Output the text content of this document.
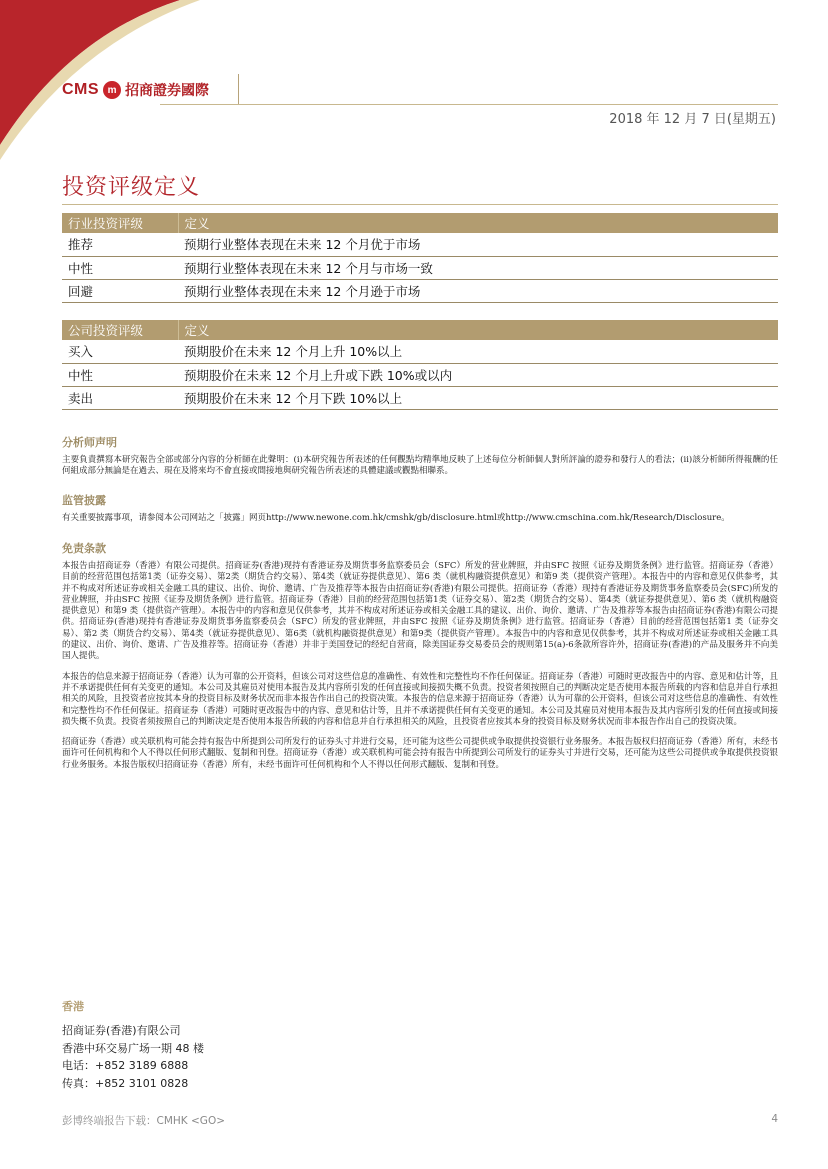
CMS m 招商證券國際
2018 年 12 月 7 日(星期五)
投资评级定义
行业投资评级	定义
推荐	预期行业整体表现在未来 12 个月优于市场
中性	预期行业整体表现在未来 12 个月与市场一致
回避	预期行业整体表现在未来 12 个月逊于市场
公司投资评级	定义
买入	预期股价在未来 12 个月上升 10%以上
中性	预期股价在未来 12 个月上升或下跌 10%或以内
卖出	预期股价在未来 12 个月下跌 10%以上
分析师声明

主要負責撰寫本研究報告全部或部分內容的分析師在此聲明：(i)本研究報告所表述的任何觀點均精準地反映了上述每位分析師個人對所評論的證券和發行人的看法；(ii)該分析師所得報酬的任何組成部分無論是在過去、現在及將來均不會直接或間接地與研究報告所表述的具體建議或觀點相聯系。

监管披露

有关重要披露事项，请参阅本公司网站之「披露」网页http://www.newone.com.hk/cmshk/gb/disclosure.html或http://www.cmschina.com.hk/Research/Disclosure。

免责条款

本报告由招商证券（香港）有限公司提供。招商证券(香港)现持有香港证券及期货事务监察委员会（SFC）所发的营业牌照，并由SFC 按照《证券及期货条例》进行监管。招商证券（香港）目前的经营范围包括第1类（证券交易）、第2类（期货合约交易）、第4类（就证券提供意见）、第6 类（就机构融资提供意见）和第9 类（提供资产管理）。本报告中的内容和意见仅供参考，其并不构成对所述证券或相关金融工具的建议、出价、询价、邀请、广告及推荐等本报告由招商证券(香港)有限公司提供。招商证券（香港）现持有香港证券及期货事务监察委员会(SFC)所发的营业牌照，并由SFC 按照《证券及期货条例》进行监管。招商证券（香港）目前的经营范围包括第1类（证券交易）、第2类（期货合约交易）、第4类（就证券提供意见）、第6 类（就机构融资提供意见）和第9 类（提供资产管理）。本报告中的内容和意见仅供参考，其并不构成对所述证券或相关金融工具的建议、出价、询价、邀请、广告及推荐等本报告由招商证券(香港)有限公司提供。招商证券(香港)现持有香港证券及期货事务监察委员会（SFC）所发的营业牌照，并由SFC 按照《证券及期货条例》进行监管。招商证券（香港）目前的经营范围包括第1 类（证券交易）、第2 类（期货合约交易）、第4类（就证券提供意见）、第6类（就机构融资提供意见）和第9类（提供资产管理）。本报告中的内容和意见仅供参考，其并不构成对所述证券或相关金融工具的建议、出价、询价、邀请、广告及推荐等。招商证券（香港）并非于美国登记的经纪自营商，除美国证券交易委员会的规则第15(a)-6条款所容许外，招商证券(香港)的产品及服务并不向美国人提供。

本报告的信息来源于招商证券（香港）认为可靠的公开资料，但该公司对这些信息的准确性、有效性和完整性均不作任何保证。招商证券（香港）可随时更改报告中的内容、意见和估计等，且并不承诺提供任何有关变更的通知。本公司及其雇员对使用本报告及其内容所引发的任何直接或间接损失概不负责。投资者须按照自己的判断决定是否使用本报告所载的内容和信息并自行承担相关的风险，且投资者应按其本身的投资目标及财务状况而非本报告作出自己的投资决策。本报告的信息来源于招商证券（香港）认为可靠的公开资料，但该公司对这些信息的准确性、有效性和完整性均不作任何保证。招商证券（香港）可随时更改报告中的内容、意见和估计等，且并不承诺提供任何有关变更的通知。本公司及其雇员对使用本报告及其内容所引发的任何直接或间接损失概不负责。投资者须按照自己的判断决定是否使用本报告所载的内容和信息并自行承担相关的风险，且投资者应按其本身的投资目标及财务状况而非本报告作出自己的投资决策。

招商证券（香港）或关联机构可能会持有报告中所提到公司所发行的证券头寸并进行交易，还可能为这些公司提供或争取提供投资银行业务服务。本报告版权归招商证券（香港）所有，未经书面许可任何机构和个人不得以任何形式翻版、复制和刊登。招商证券（香港）或关联机构可能会持有报告中所提到公司所发行的证券头寸并进行交易，还可能为这些公司提供或争取提供投资银行业务服务。本报告版权归招商证券（香港）所有，未经书面许可任何机构和个人不得以任何形式翻版、复制和刊登。

香港
招商证券(香港)有限公司
香港中环交易广场一期 48 楼
电话：+852 3189 6888
传真：+852 3101 0828
彭博终端报告下载：CMHK <GO>	4
